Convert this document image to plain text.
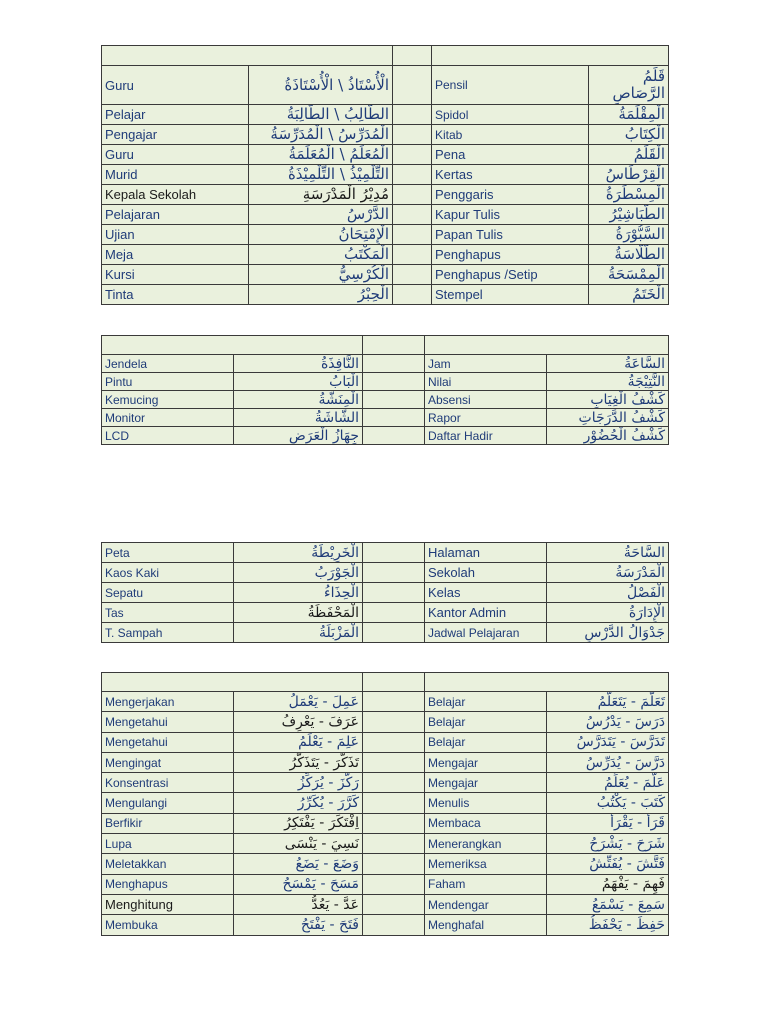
Guru	الْأُسْتَاذُ \ الْأُسْتَاذَةُ		Pensil	قَلَمُ الرَّصَاصِ
Pelajar	الطَّالِبُ \ الطَّالِبَةُ		Spidol	الْمِقْلَمَةُ
Pengajar	الْمُدَرِّسُ \ الْمُدَرِّسَةُ		Kitab	الْكِتَابُ
Guru	الْمُعَلِّمُ \ الْمُعَلِّمَةُ		Pena	الْقَلَمُ
Murid	التِّلْمِيْذُ \ التِّلْمِيْذَةُ		Kertas	الْقِرْطَاسُ
Kepala Sekolah	مُدِيْرُ الْمَدْرَسَةِ		Penggaris	الْمِسْطَرَةُ
Pelajaran	الدَّرْسُ		Kapur Tulis	الطَّبَاشِيْرُ
Ujian	الْإِمْتِحَانُ		Papan Tulis	السَّبُّوْرَةُ
Meja	الْمَكْتَبُ		Penghapus	الطَّلَّاسَةُ
Kursi	الْكُرْسِيُّ		Penghapus /Setip	الْمِمْسَحَةُ
Tinta	الْحِبْرُ		Stempel	الْخَتَمُ

Jendela	النَّافِذَةُ		Jam	السَّاعَةُ
Pintu	الْبَابُ		Nilai	النَّتِيْجَةُ
Kemucing	الْمِنَشَّةُ		Absensi	كَشْفُ الْغِيَابِ
Monitor	الشَّاشَةُ		Rapor	كَشْفُ الدَّرَجَاتِ
LCD	جِهَازُ الْعَرَضِ		Daftar Hadir	كَشْفُ الْحُضُوْرِ
Peta	الْخَرِيْطَةُ		Halaman	السَّاحَةُ
Kaos Kaki	الْجَوْرَبُ		Sekolah	الْمَدْرَسَةُ
Sepatu	الْحِذَاءُ		Kelas	الْفَصْلُ
Tas	الْمَحْفَظَةُ		Kantor Admin	الْإِدَارَةُ
T. Sampah	الْمَزْبَلَةُ		Jadwal Pelajaran	جَدْوَالُ الدَّرْسِ

Mengerjakan	عَمِلَ - يَعْمَلُ		Belajar	تَعَلَّمَ - يَتَعَلَّمُ
Mengetahui	عَرَفَ - يَعْرِفُ		Belajar	دَرَسَ - يَدْرُسُ
Mengetahui	عَلِمَ - يَعْلَمُ		Belajar	تَدَرَّسَ - يَتَدَرَّسُ
Mengingat	تَذَكَّرَ - يَتَذَكَّرُ		Mengajar	دَرَّسَ - يُدَرِّسُ
Konsentrasi	رَكَّزَ - يُرَكِّزُ		Mengajar	عَلَّمَ - يُعَلِّمُ
Mengulangi	كَرَّرَ - يُكَرِّرُ		Menulis	كَتَبَ - يَكْتُبُ
Berfikir	اِفْتَكَرَ - يَفْتَكِرُ		Membaca	قَرَأَ - يَقْرَأُ
Lupa	نَسِيَ - يَنْسَى		Menerangkan	شَرَحَ - يَشْرَحُ
Meletakkan	وَضَعَ - يَضَعُ		Memeriksa	فَتَّشَ - يُفَتِّشُ
Menghapus	مَسَحَ - يَمْسَحُ		Faham	فَهِمَ - يَفْهَمُ
Menghitung	عَدَّ - يَعُدُّ		Mendengar	سَمِعَ - يَسْمَعُ
Membuka	فَتَحَ - يَفْتَحُ		Menghafal	حَفِظَ - يَحْفَظُ
